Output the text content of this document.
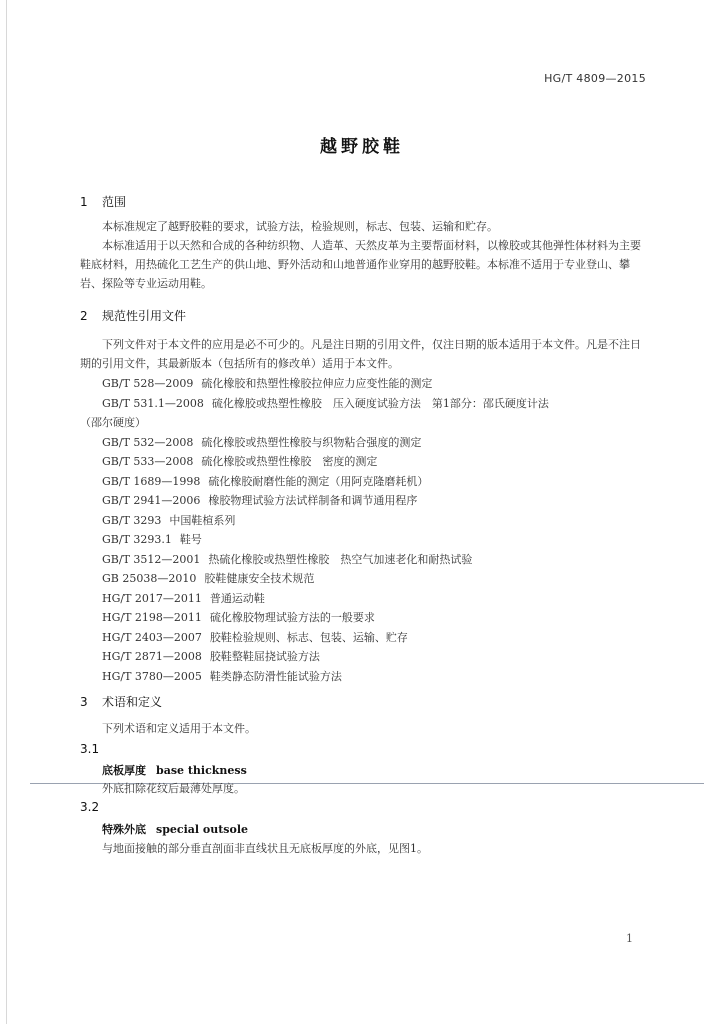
HG/T 4809—2015
越野胶鞋
1 范围

本标准规定了越野胶鞋的要求，试验方法，检验规则，标志、包装、运输和贮存。

本标准适用于以天然和合成的各种纺织物、人造革、天然皮革为主要帮面材料，以橡胶或其他弹性体材料为主要鞋底材料，用热硫化工艺生产的供山地、野外活动和山地普通作业穿用的越野胶鞋。本标准不适用于专业登山、攀岩、探险等专业运动用鞋。

2 规范性引用文件

下列文件对于本文件的应用是必不可少的。凡是注日期的引用文件，仅注日期的版本适用于本文件。凡是不注日期的引用文件，其最新版本（包括所有的修改单）适用于本文件。

GB/T 528—2009 硫化橡胶和热塑性橡胶拉伸应力应变性能的测定
GB/T 531.1—2008 硫化橡胶或热塑性橡胶　压入硬度试验方法　第1部分：邵氏硬度计法
（邵尔硬度）
GB/T 532—2008 硫化橡胶或热塑性橡胶与织物粘合强度的测定
GB/T 533—2008 硫化橡胶或热塑性橡胶　密度的测定
GB/T 1689—1998 硫化橡胶耐磨性能的测定（用阿克隆磨耗机）
GB/T 2941—2006 橡胶物理试验方法试样制备和调节通用程序
GB/T 3293 中国鞋楦系列
GB/T 3293.1 鞋号
GB/T 3512—2001 热硫化橡胶或热塑性橡胶　热空气加速老化和耐热试验
GB 25038—2010 胶鞋健康安全技术规范
HG/T 2017—2011 普通运动鞋
HG/T 2198—2011 硫化橡胶物理试验方法的一般要求
HG/T 2403—2007 胶鞋检验规则、标志、包装、运输、贮存
HG/T 2871—2008 胶鞋整鞋屈挠试验方法
HG/T 3780—2005 鞋类静态防滑性能试验方法
3 术语和定义

下列术语和定义适用于本文件。

3.1
底板厚度 base thickness
外底扣除花纹后最薄处厚度。
3.2
特殊外底 special outsole
与地面接触的部分垂直剖面非直线状且无底板厚度的外底，见图1。
1
